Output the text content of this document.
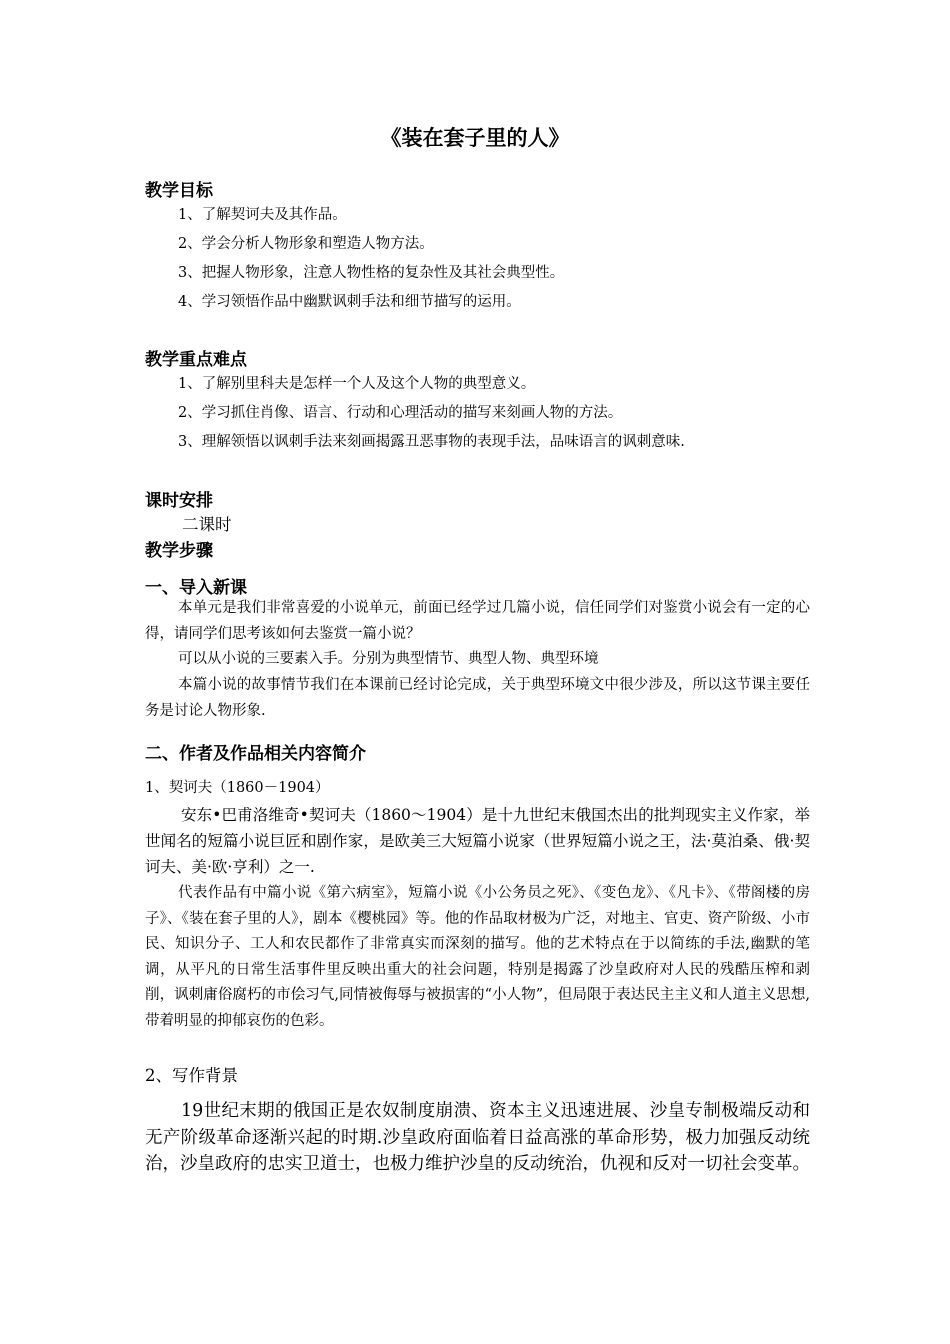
《装在套子里的人》
教学目标
1、了解契诃夫及其作品。
2、学会分析人物形象和塑造人物方法。
3、把握人物形象，注意人物性格的复杂性及其社会典型性。
4、学习领悟作品中幽默讽刺手法和细节描写的运用。
教学重点难点
1、了解别里科夫是怎样一个人及这个人物的典型意义。
2、学习抓住肖像、语言、行动和心理活动的描写来刻画人物的方法。
3、理解领悟以讽刺手法来刻画揭露丑恶事物的表现手法，品味语言的讽刺意味.
课时安排
二课时
教学步骤
一、导入新课
本单元是我们非常喜爱的小说单元，前面已经学过几篇小说，信任同学们对鉴赏小说会有一定的心得，请同学们思考该如何去鉴赏一篇小说？
可以从小说的三要素入手。分别为典型情节、典型人物、典型环境
本篇小说的故事情节我们在本课前已经讨论完成，关于典型环境文中很少涉及，所以这节课主要任务是讨论人物形象.
二、作者及作品相关内容简介
1、契诃夫（1860－1904）
安东•巴甫洛维奇•契诃夫（1860～1904）是十九世纪末俄国杰出的批判现实主义作家，举世闻名的短篇小说巨匠和剧作家，是欧美三大短篇小说家（世界短篇小说之王，法·莫泊桑、俄·契诃夫、美·欧·亨利）之一.
代表作品有中篇小说《第六病室》，短篇小说《小公务员之死》、《变色龙》、《凡卡》、《带阁楼的房子》、《装在套子里的人》，剧本《樱桃园》等。他的作品取材极为广泛，对地主、官吏、资产阶级、小市民、知识分子、工人和农民都作了非常真实而深刻的描写。他的艺术特点在于以简练的手法,幽默的笔调，从平凡的日常生活事件里反映出重大的社会问题，特别是揭露了沙皇政府对人民的残酷压榨和剥削，讽刺庸俗腐朽的市侩习气,同情被侮辱与被损害的“小人物”，但局限于表达民主主义和人道主义思想,带着明显的抑郁哀伤的色彩。
2、写作背景
19世纪末期的俄国正是农奴制度崩溃、资本主义迅速进展、沙皇专制极端反动和无产阶级革命逐渐兴起的时期.沙皇政府面临着日益高涨的革命形势，极力加强反动统治，沙皇政府的忠实卫道士，也极力维护沙皇的反动统治，仇视和反对一切社会变革。
